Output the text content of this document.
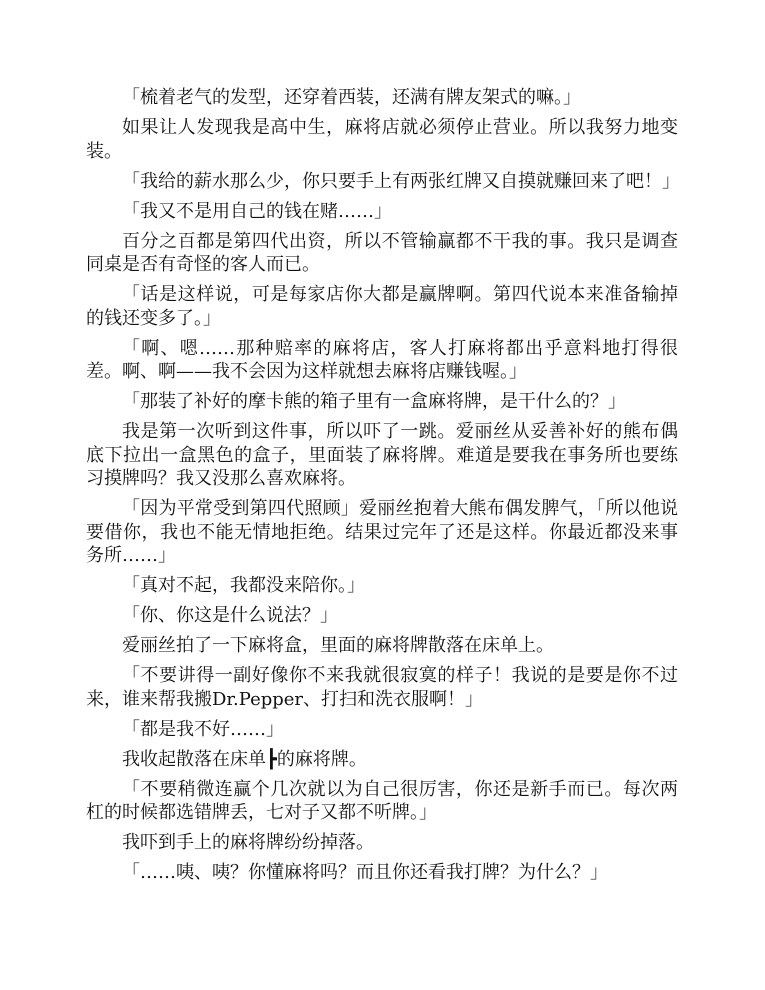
「梳着老气的发型，还穿着西装，还满有牌友架式的嘛。」

如果让人发现我是高中生，麻将店就必须停止营业。所以我努力地变装。

「我给的薪水那么少，你只要手上有两张红牌又自摸就赚回来了吧！」

「我又不是用自己的钱在赌……」

百分之百都是第四代出资，所以不管输赢都不干我的事。我只是调查同桌是否有奇怪的客人而已。

「话是这样说，可是每家店你大都是赢牌啊。第四代说本来准备输掉的钱还变多了。」

「啊、嗯……那种赔率的麻将店，客人打麻将都出乎意料地打得很差。啊、啊——我不会因为这样就想去麻将店赚钱喔。」

「那装了补好的摩卡熊的箱子里有一盒麻将牌，是干什么的？」

我是第一次听到这件事，所以吓了一跳。爱丽丝从妥善补好的熊布偶底下拉出一盒黑色的盒子，里面装了麻将牌。难道是要我在事务所也要练习摸牌吗？我又没那么喜欢麻将。

「因为平常受到第四代照顾」爱丽丝抱着大熊布偶发脾气，「所以他说要借你，我也不能无情地拒绝。结果过完年了还是这样。你最近都没来事务所……」

「真对不起，我都没来陪你。」

「你、你这是什么说法？」

爱丽丝拍了一下麻将盒，里面的麻将牌散落在床单上。

「不要讲得一副好像你不来我就很寂寞的样子！我说的是要是你不过来，谁来帮我搬Dr.Pepper、打扫和洗衣服啊！」

「都是我不好……」

我收起散落在床单┣的麻将牌。

「不要稍微连赢个几次就以为自己很厉害，你还是新手而已。每次两杠的时候都选错牌丢，七对子又都不听牌。」

我吓到手上的麻将牌纷纷掉落。

「……咦、咦？你懂麻将吗？而且你还看我打牌？为什么？」
